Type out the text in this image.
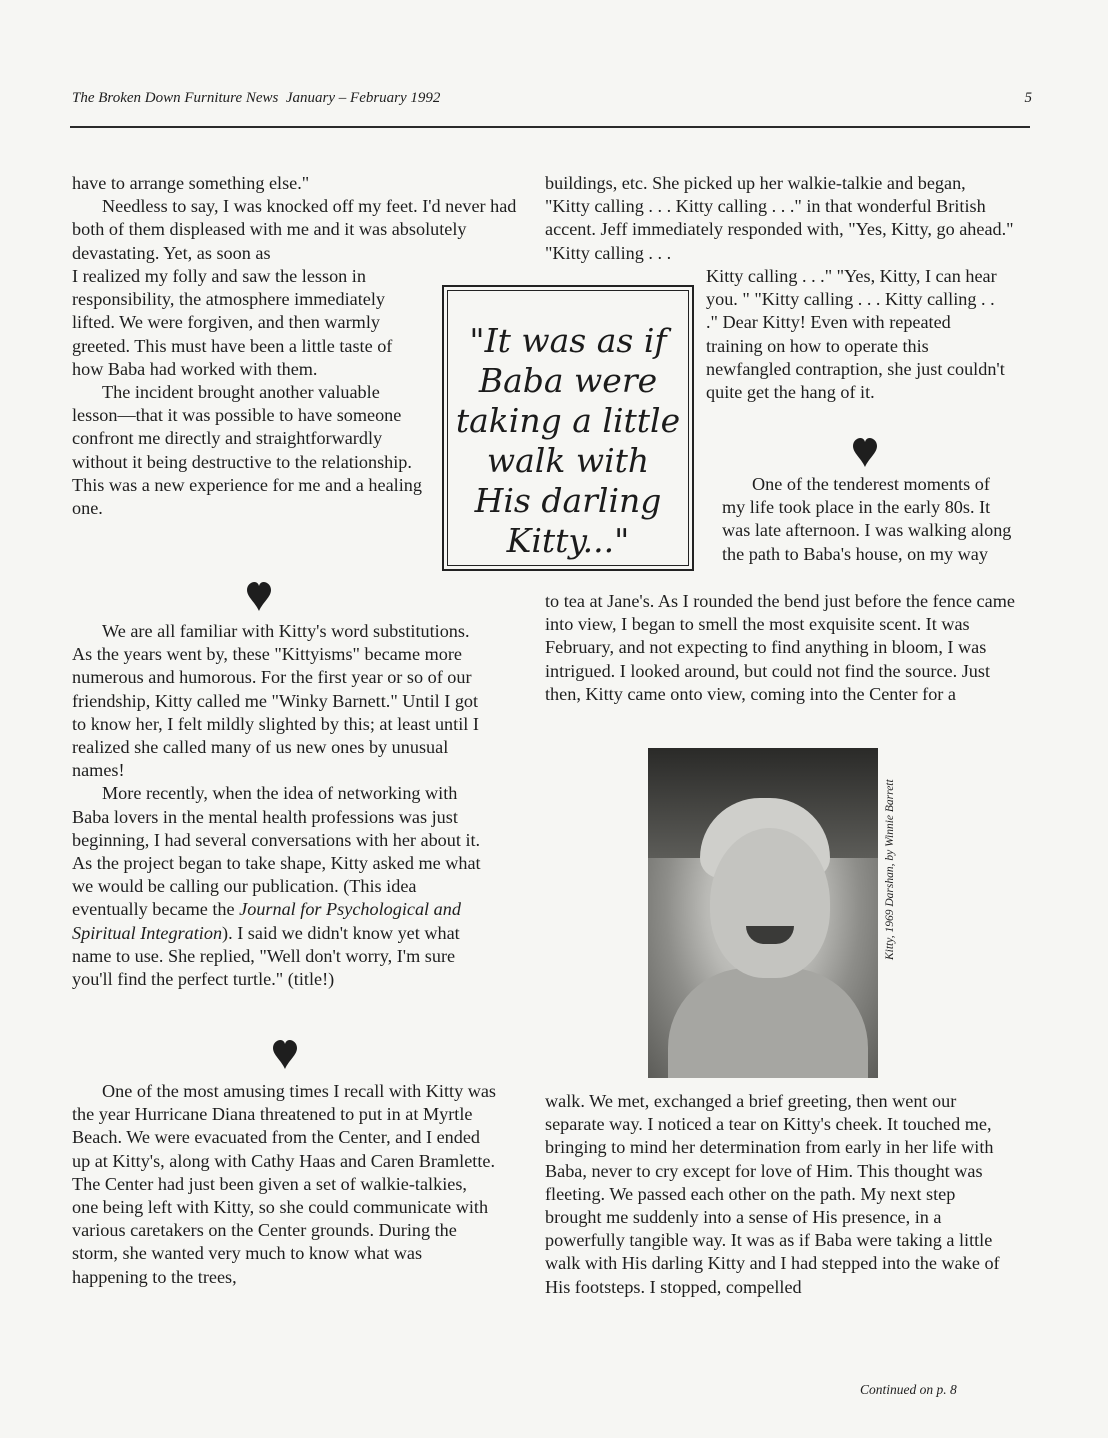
The Broken Down Furniture News January – February 1992	5

have to arrange something else."

Needless to say, I was knocked off my feet. I'd never had both of them displeased with me and it was absolutely devastating. Yet, as soon as

I realized my folly and saw the lesson in responsibility, the atmosphere immediately lifted. We were forgiven, and then warmly greeted. This must have been a little taste of how Baba had worked with them.

The incident brought another valuable lesson—that it was possible to have someone confront me directly and straightforwardly without it being destructive to the relationship. This was a new experience for me and a healing one.

We are all familiar with Kitty's word substitutions. As the years went by, these "Kittyisms" became more numerous and humorous. For the first year or so of our friendship, Kitty called me "Winky Barnett." Until I got to know her, I felt mildly slighted by this; at least until I realized she called many of us new ones by unusual names!

More recently, when the idea of networking with Baba lovers in the mental health professions was just beginning, I had several conversations with her about it. As the project began to take shape, Kitty asked me what we would be calling our publication. (This idea eventually became the Journal for Psychological and Spiritual Integration). I said we didn't know yet what name to use. She replied, "Well don't worry, I'm sure you'll find the perfect turtle." (title!)

One of the most amusing times I recall with Kitty was the year Hurricane Diana threatened to put in at Myrtle Beach. We were evacuated from the Center, and I ended up at Kitty's, along with Cathy Haas and Caren Bramlette. The Center had just been given a set of walkie-talkies, one being left with Kitty, so she could communicate with various caretakers on the Center grounds. During the storm, she wanted very much to know what was happening to the trees,

"It was as if Baba were taking a little walk with His darling Kitty..."

buildings, etc. She picked up her walkie-talkie and began, "Kitty calling . . . Kitty calling . . ." in that wonderful British accent. Jeff immediately responded with, "Yes, Kitty, go ahead." "Kitty calling . . .

Kitty calling . . ." "Yes, Kitty, I can hear you. " "Kitty calling . . . Kitty calling . . ." Dear Kitty! Even with repeated training on how to operate this newfangled contraption, she just couldn't quite get the hang of it.

One of the tenderest moments of my life took place in the early 80s. It was late afternoon. I was walking along the path to Baba's house, on my way

to tea at Jane's. As I rounded the bend just before the fence came into view, I began to smell the most exquisite scent. It was February, and not expecting to find anything in bloom, I was intrigued. I looked around, but could not find the source. Just then, Kitty came onto view, coming into the Center for a

Kitty, 1969 Darshan, by Winnie Barrett

walk. We met, exchanged a brief greeting, then went our separate way. I noticed a tear on Kitty's cheek. It touched me, bringing to mind her determination from early in her life with Baba, never to cry except for love of Him. This thought was fleeting. We passed each other on the path. My next step brought me suddenly into a sense of His presence, in a powerfully tangible way. It was as if Baba were taking a little walk with His darling Kitty and I had stepped into the wake of His footsteps. I stopped, compelled

Continued on p. 8
